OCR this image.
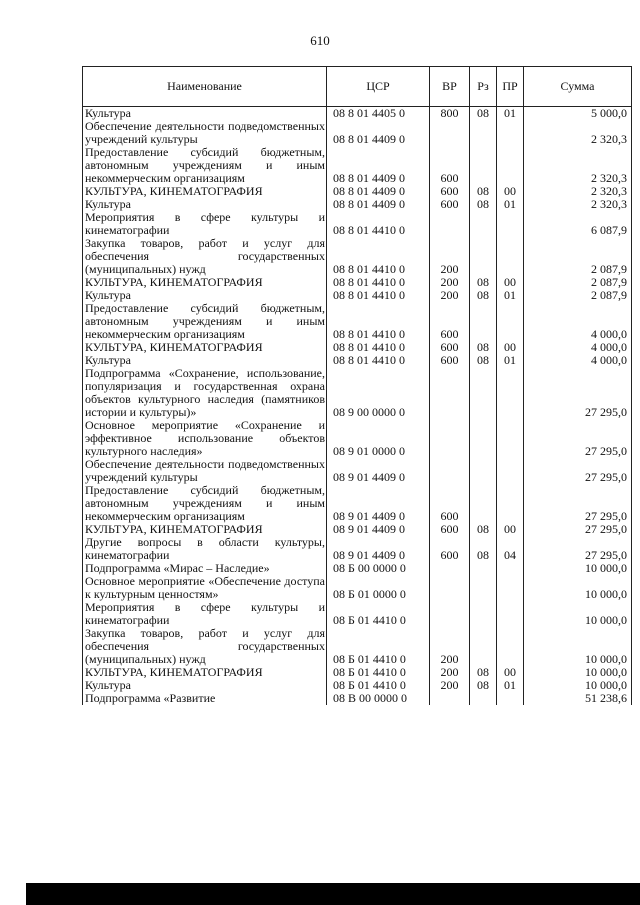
610
Наименование	ЦСР	ВР	Рз	ПР	Сумма
Культура	08 8 01 4405 0	800	08	01	5 000,0
Обеспечение деятельности подведомственных учреждений культуры	08 8 01 4409 0				2 320,3
Предоставление субсидий бюджетным, автономным учреждениям и иным некоммерческим организациям	08 8 01 4409 0	600			2 320,3
КУЛЬТУРА, КИНЕМАТОГРАФИЯ	08 8 01 4409 0	600	08	00	2 320,3
Культура	08 8 01 4409 0	600	08	01	2 320,3
Мероприятия в сфере культуры и кинематографии	08 8 01 4410 0				6 087,9
Закупка товаров, работ и услуг для обеспечения государственных (муниципальных) нужд	08 8 01 4410 0	200			2 087,9
КУЛЬТУРА, КИНЕМАТОГРАФИЯ	08 8 01 4410 0	200	08	00	2 087,9
Культура	08 8 01 4410 0	200	08	01	2 087,9
Предоставление субсидий бюджетным, автономным учреждениям и иным некоммерческим организациям	08 8 01 4410 0	600			4 000,0
КУЛЬТУРА, КИНЕМАТОГРАФИЯ	08 8 01 4410 0	600	08	00	4 000,0
Культура	08 8 01 4410 0	600	08	01	4 000,0
Подпрограмма «Сохранение, использование, популяризация и государственная охрана объектов культурного наследия (памятников истории и культуры)»	08 9 00 0000 0				27 295,0
Основное мероприятие «Сохранение и эффективное использование объектов культурного наследия»	08 9 01 0000 0				27 295,0
Обеспечение деятельности подведомственных учреждений культуры	08 9 01 4409 0				27 295,0
Предоставление субсидий бюджетным, автономным учреждениям и иным некоммерческим организациям	08 9 01 4409 0	600			27 295,0
КУЛЬТУРА, КИНЕМАТОГРАФИЯ	08 9 01 4409 0	600	08	00	27 295,0
Другие вопросы в области культуры, кинематографии	08 9 01 4409 0	600	08	04	27 295,0
Подпрограмма «Мирас – Наследие»	08 Б 00 0000 0				10 000,0
Основное мероприятие «Обеспечение доступа к культурным ценностям»	08 Б 01 0000 0				10 000,0
Мероприятия в сфере культуры и кинематографии	08 Б 01 4410 0				10 000,0
Закупка товаров, работ и услуг для обеспечения государственных (муниципальных) нужд	08 Б 01 4410 0	200			10 000,0
КУЛЬТУРА, КИНЕМАТОГРАФИЯ	08 Б 01 4410 0	200	08	00	10 000,0
Культура	08 Б 01 4410 0	200	08	01	10 000,0
Подпрограмма «Развитие	08 В 00 0000 0				51 238,6
